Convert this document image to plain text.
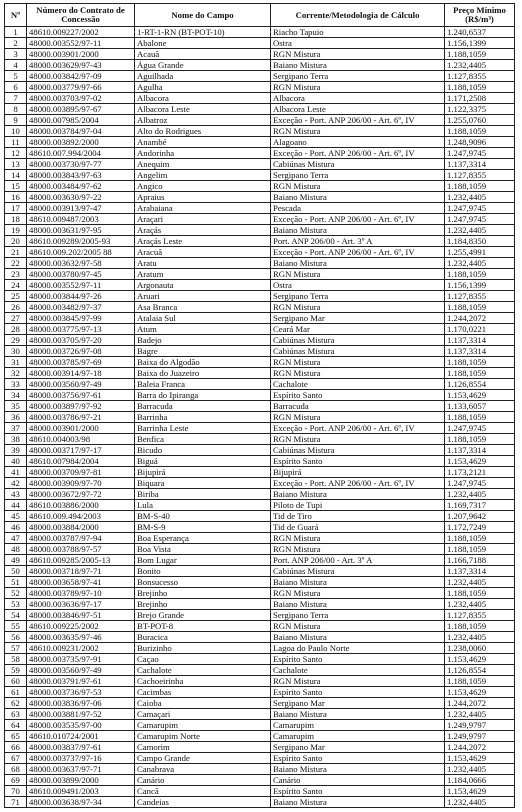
Nº	Número do Contrato de Concessão	Nome do Campo	Corrente/Metodologia de Cálculo	Preço Mínimo (R$/m³)
1	48610.009227/2002	1-RT-1-RN (BT-POT-10)	Riacho Tapuio	1.240,6537
2	48000.003552/97-11	Abalone	Ostra	1.156,1399
3	48000.003901/2000	Acauã	RGN Mistura	1.188,1059
4	48000.003629/97-43	Água Grande	Baiano Mistura	1.232,4405
5	48000.003842/97-09	Aguilhada	Sergipano Terra	1.127,8355
6	48000.003779/97-66	Agulha	RGN Mistura	1.188,1059
7	48000.003703/97-02	Albacora	Albacora	1.171,2508
8	48000.003895/97-67	Albacora Leste	Albacora Leste	1.122,3375
9	48000.007985/2004	Albatroz	Exceção - Port. ANP 206/00 - Art. 6º, IV	1.255,0760
10	48000.003784/97-04	Alto do Rodrigues	RGN Mistura	1.188,1059
11	48000.003892/2000	Anambé	Alagoano	1.248,9096
12	48610.007.994/2004	Andorinha	Exceção - Port. ANP 206/00 - Art. 6º, IV	1.247,9745
13	48000.003730/97-77	Anequim	Cabiúnas Mistura	1.137,3314
14	48000.003843/97-63	Angelim	Sergipano Terra	1.127,8355
15	48000.003484/97-62	Angico	RGN Mistura	1.188,1059
16	48000.003630/97-22	Apraius	Baiano Mistura	1.232,4405
17	48000.003913/97-47	Arabaiana	Pescada	1.247,9745
18	48610.009487/2003	Araçari	Exceção - Port. ANP 206/00 - Art. 6º, IV	1.247,9745
19	48000.003631/97-95	Araçás	Baiano Mistura	1.232,4405
20	48610.009289/2005-93	Araçás Leste	Port. ANP 206/00 - Art. 3º A	1.184,8350
21	48610.009.202/2005 88	Aracuã	Exceção - Port. ANP 206/00 - Art. 6º, IV	1.255,4991
22	48000.003632/97-58	Aratu	Baiano Mistura	1.232,4405
23	48000.003780/97-45	Aratum	RGN Mistura	1.188,1059
24	48000.003552/97-11	Argonauta	Ostra	1.156,1399
25	48000.003844/97-26	Aruari	Sergipano Terra	1.127,8355
26	48000.003482/97-37	Asa Branca	RGN Mistura	1.188,1059
27	48000.003845/97-99	Atalaia Sul	Sergipano Mar	1.244,2072
28	48000.003775/97-13	Atum	Ceará Mar	1.170,0221
29	48000.003705/97-20	Badejo	Cabiúnas Mistura	1.137,3314
30	48000.003726/97-08	Bagre	Cabiúnas Mistura	1.137,3314
31	48000.003785/97-69	Baixa do Algodão	RGN Mistura	1.188,1059
32	48000.003914/97-18	Baixa do Juazeiro	RGN Mistura	1.188,1059
33	48000.003560/97-49	Baleia Franca	Cachalote	1.126,8554
34	48000.003756/97-61	Barra do Ipiranga	Espírito Santo	1.153,4629
35	48000.003897/97-92	Barracuda	Barracuda	1.133,6057
36	48000.003786/97-21	Barrinha	RGN Mistura	1.188,1059
37	48000.003901/2000	Barrinha Leste	Exceção - Port. ANP 206/00 - Art. 6º, IV	1.247,9745
38	48610.004003/98	Benfica	RGN Mistura	1.188,1059
39	48000.003717/97-17	Bicudo	Cabiúnas Mistura	1.137,3314
40	48610.007984/2004	Biguá	Espírito Santo	1.153,4629
41	48000.003709/97-81	Bijupirá	Bijupirá	1.173,2121
42	48000.003909/97-70	Biquara	Exceção - Port. ANP 206/00 - Art. 6º, IV	1.247,9745
43	48000.003672/97-72	Biriba	Baiano Mistura	1.232,4405
44	48610.003886/2000	Lula	Piloto de Tupi	1.169,7317
45	48610.009.494/2003	BM-S-40	Tid de Tiro	1.207,9642
46	48000.003884/2000	BM-S-9	Tid de Guará	1.172,7249
47	48000.003787/97-94	Boa Esperança	RGN Mistura	1.188,1059
48	48000.003788/97-57	Boa Vista	RGN Mistura	1.188,1059
49	48610.009285/2005-13	Bom Lugar	Port. ANP 206/00 - Art. 3º A	1.166,7188
50	48000.003718/97-71	Bonito	Cabiúnas Mistura	1.137,3314
51	48000.003658/97-41	Bonsucesso	Baiano Mistura	1.232,4405
52	48000.003789/97-10	Brejinho	RGN Mistura	1.188,1059
53	48000.003636/97-17	Brejinho	Baiano Mistura	1.232,4405
54	48000.003846/97-51	Brejo Grande	Sergipano Terra	1.127,8355
55	48610.009225/2002	BT-POT-8	RGN Mistura	1.188,1059
56	48000.003635/97-46	Buracica	Baiano Mistura	1.232,4405
57	48610.009231/2002	Burizinho	Lagoa do Paulo Norte	1.238,0060
58	48000.003735/97-91	Caçao	Espírito Santo	1.153,4629
59	48000.003560/97-49	Cachalote	Cachalote	1.126,8554
60	48000.003791/97-61	Cachoeirinha	RGN Mistura	1.188,1059
61	48000.003736/97-53	Cacimbas	Espírito Santo	1.153,4629
62	48000.003836/97-06	Caioba	Sergipano Mar	1.244,2072
63	48000.003881/97-52	Camaçari	Baiano Mistura	1.232,4405
64	48000.003535/97-00	Camarupim	Camarupim	1.249,9797
65	48610.010724/2001	Camarupim Norte	Camarupim	1.249,9797
66	48000.003837/97-61	Camorim	Sergipano Mar	1.244,2072
67	48000.003737/97-16	Campo Grande	Espírito Santo	1.153,4629
68	48000.003637/97-71	Canabrava	Baiano Mistura	1.232,4405
69	48000.003899/2000	Canário	Canário	1.184,0666
70	48610.009491/2003	Cancã	Espírito Santo	1.153,4629
71	48000.003638/97-34	Candeias	Baiano Mistura	1.232,4405
